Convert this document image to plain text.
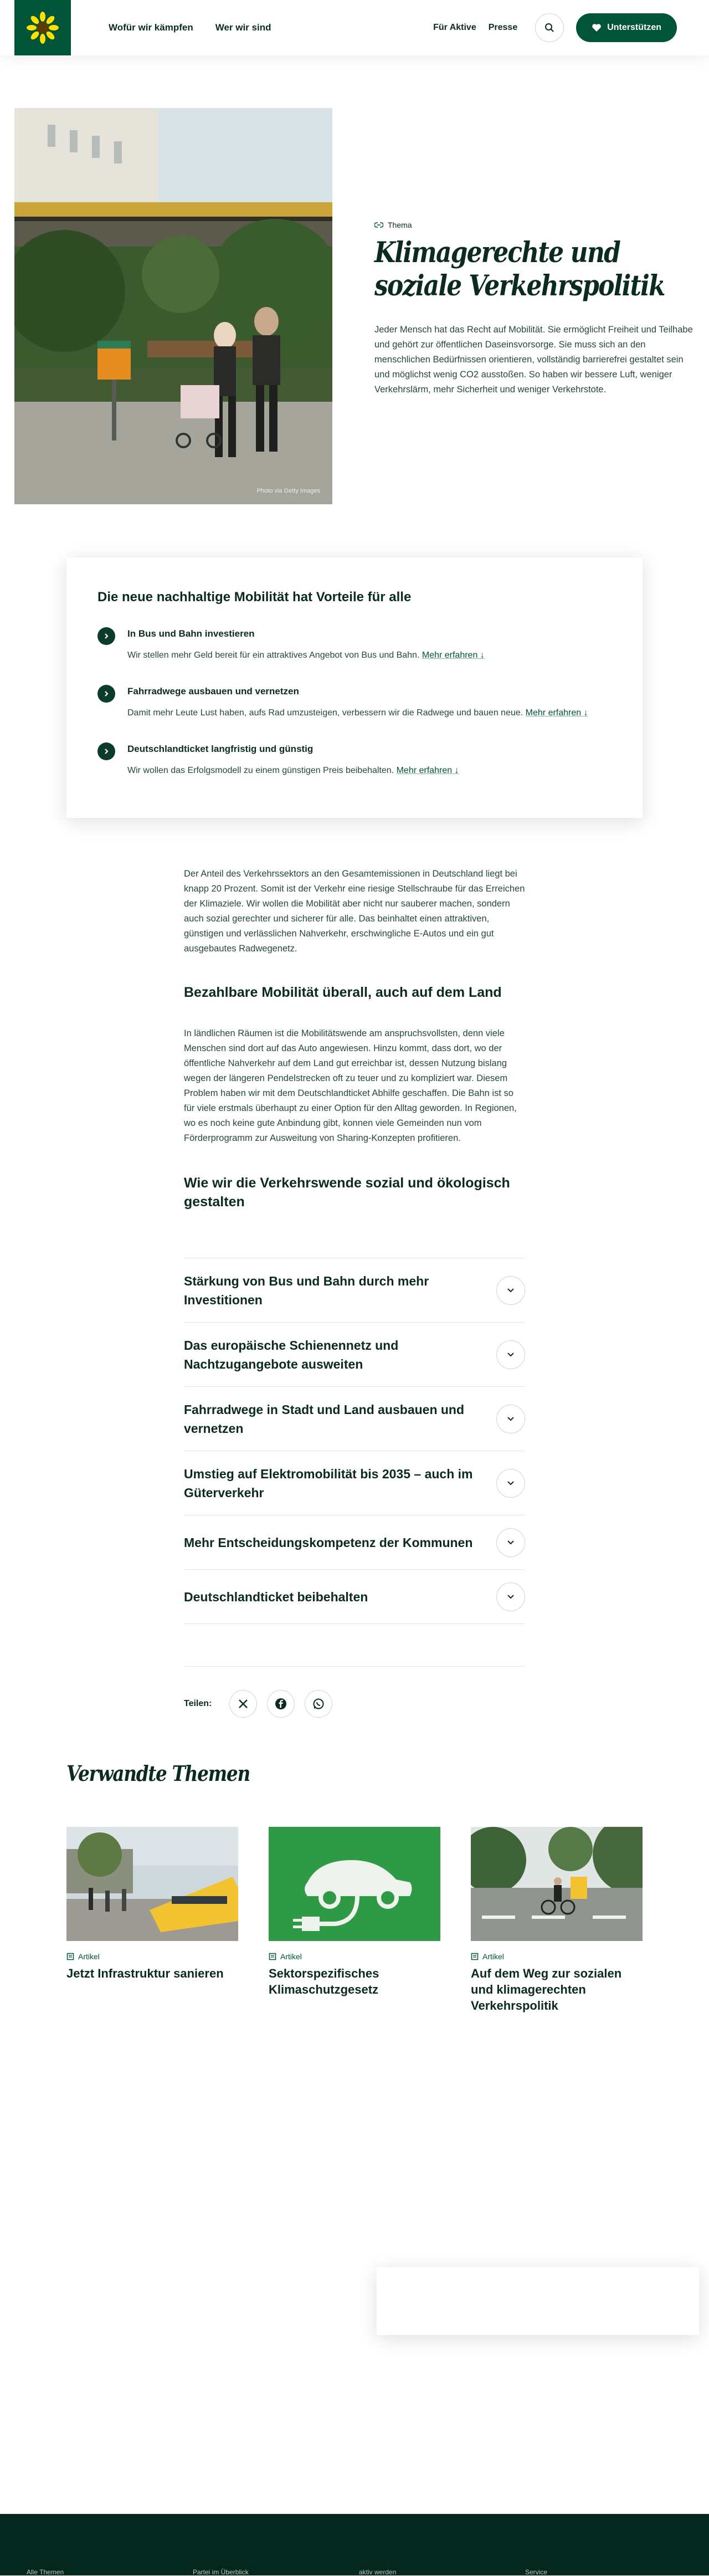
Wofür wir kämpfen Wer wir sind	Für Aktive Presse	Unterstützen
Photo via Getty Images
Thema
Klimagerechte und soziale Verkehrspolitik

Jeder Mensch hat das Recht auf Mobilität. Sie ermöglicht Freiheit und Teilhabe und gehört zur öffentlichen Daseinsvorsorge. Sie muss sich an den menschlichen Bedürfnissen orientieren, vollständig barrierefrei gestaltet sein und möglichst wenig CO2 ausstoßen. So haben wir bessere Luft, weniger Verkehrslärm, mehr Sicherheit und weniger Verkehrstote.

Die neue nachhaltige Mobilität hat Vorteile für alle
In Bus und Bahn investieren

Wir stellen mehr Geld bereit für ein attraktives Angebot von Bus und Bahn. Mehr erfahren ↓

Fahrradwege ausbauen und vernetzen

Damit mehr Leute Lust haben, aufs Rad umzusteigen, verbessern wir die Radwege und bauen neue. Mehr erfahren ↓

Deutschlandticket langfristig und günstig

Wir wollen das Erfolgsmodell zu einem günstigen Preis beibehalten. Mehr erfahren ↓

Der Anteil des Verkehrssektors an den Gesamtemissionen in Deutschland liegt bei knapp 20 Prozent. Somit ist der Verkehr eine riesige Stellschraube für das Erreichen der Klimaziele. Wir wollen die Mobilität aber nicht nur sauberer machen, sondern auch sozial gerechter und sicherer für alle. Das beinhaltet einen attraktiven, günstigen und verlässlichen Nahverkehr, erschwingliche E-Autos und ein gut ausgebautes Radwegenetz.

Bezahlbare Mobilität überall, auch auf dem Land

In ländlichen Räumen ist die Mobilitätswende am anspruchsvollsten, denn viele Menschen sind dort auf das Auto angewiesen. Hinzu kommt, dass dort, wo der öffentliche Nahverkehr auf dem Land gut erreichbar ist, dessen Nutzung bislang wegen der längeren Pendelstrecken oft zu teuer und zu kompliziert war. Diesem Problem haben wir mit dem Deutschlandticket Abhilfe geschaffen. Die Bahn ist so für viele erstmals überhaupt zu einer Option für den Alltag geworden. In Regionen, wo es noch keine gute Anbindung gibt, konnen viele Gemeinden nun vom Förderprogramm zur Ausweitung von Sharing-Konzepten profitieren.

Wie wir die Verkehrswende sozial und ökologisch gestalten
Stärkung von Bus und Bahn durch mehr Investitionen
Das europäische Schienennetz und Nachtzugangebote ausweiten
Fahrradwege in Stadt und Land ausbauen und vernetzen
Umstieg auf Elektromobilität bis 2035 – auch im Güterverkehr
Mehr Entscheidungskompetenz der Kommunen
Deutschlandticket beibehalten
Teilen:
Verwandte Themen
Artikel
Jetzt Infrastruktur sanieren
Artikel
Sektorspezifisches Klimaschutzgesetz
Artikel
Auf dem Weg zur sozialen und klimagerechten Verkehrspolitik
Alle Themen	Partei im Überblick	aktiv werden	Service
